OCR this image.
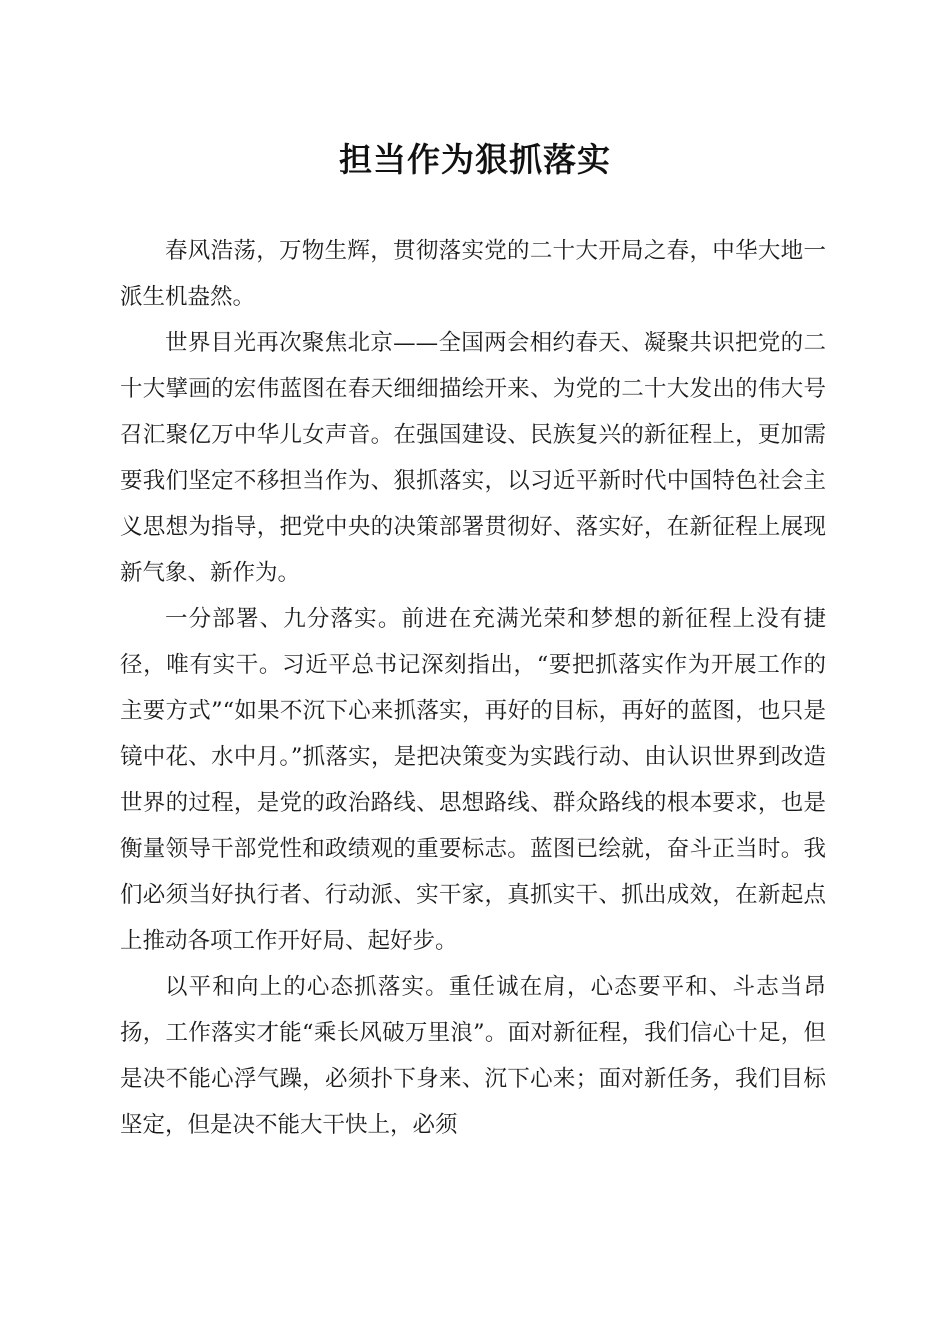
担当作为狠抓落实

春风浩荡，万物生辉，贯彻落实党的二十大开局之春，中华大地一派生机盎然。

世界目光再次聚焦北京——全国两会相约春天、凝聚共识把党的二十大擘画的宏伟蓝图在春天细细描绘开来、为党的二十大发出的伟大号召汇聚亿万中华儿女声音。在强国建设、民族复兴的新征程上，更加需要我们坚定不移担当作为、狠抓落实，以习近平新时代中国特色社会主义思想为指导，把党中央的决策部署贯彻好、落实好，在新征程上展现新气象、新作为。

一分部署、九分落实。前进在充满光荣和梦想的新征程上没有捷径，唯有实干。习近平总书记深刻指出，“要把抓落实作为开展工作的主要方式”“如果不沉下心来抓落实，再好的目标，再好的蓝图，也只是镜中花、水中月。”抓落实，是把决策变为实践行动、由认识世界到改造世界的过程，是党的政治路线、思想路线、群众路线的根本要求，也是衡量领导干部党性和政绩观的重要标志。蓝图已绘就，奋斗正当时。我们必须当好执行者、行动派、实干家，真抓实干、抓出成效，在新起点上推动各项工作开好局、起好步。

以平和向上的心态抓落实。重任诚在肩，心态要平和、斗志当昂扬，工作落实才能“乘长风破万里浪”。面对新征程，我们信心十足，但是决不能心浮气躁，必须扑下身来、沉下心来；面对新任务，我们目标坚定，但是决不能大干快上，必须
